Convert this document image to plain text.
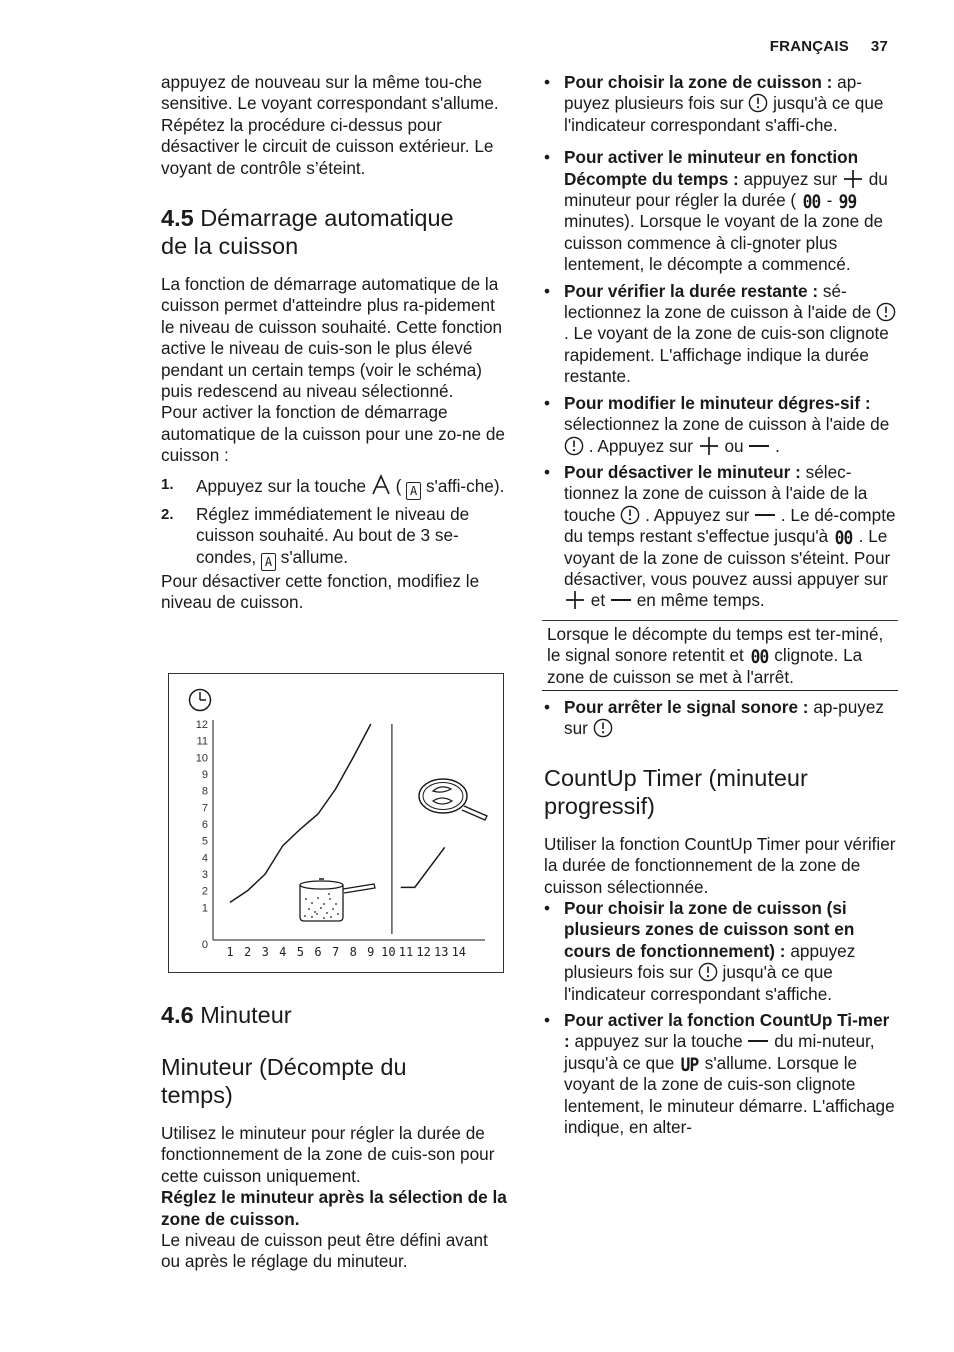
FRANÇAIS 37

appuyez de nouveau sur la même tou-che sensitive. Le voyant correspondant s'allume.

Répétez la procédure ci-dessus pour désactiver le circuit de cuisson extérieur. Le voyant de contrôle s’éteint.

4.5 Démarrage automatique
de la cuisson

La fonction de démarrage automatique de la cuisson permet d'atteindre plus ra-pidement le niveau de cuisson souhaité. Cette fonction active le niveau de cuis-son le plus élevé pendant un certain temps (voir le schéma) puis redescend au niveau sélectionné.

Pour activer la fonction de démarrage automatique de la cuisson pour une zo-ne de cuisson :

1. Appuyez sur la touche ( A s'affi-che).
2. Réglez immédiatement le niveau de cuisson souhaité. Au bout de 3 se-condes, A s'allume.

Pour désactiver cette fonction, modifiez le niveau de cuisson.

0
1
2
3
4
5
6
7
8
9
10
11
12
1 2 3 4 5 6 7 8 9 10 11 12 13 14
4.6 Minuteur
Minuteur (Décompte du
temps)

Utilisez le minuteur pour régler la durée de fonctionnement de la zone de cuis-son pour cette cuisson uniquement.

Réglez le minuteur après la sélection de la zone de cuisson.

Le niveau de cuisson peut être défini avant ou après le réglage du minuteur.

• Pour choisir la zone de cuisson : ap-puyez plusieurs fois sur jusqu'à ce que l'indicateur correspondant s'affi-che.
• Pour activer le minuteur en fonction Décompte du temps : appuyez sur du minuteur pour régler la durée ( 00 - 99 minutes). Lorsque le voyant de la zone de cuisson commence à cli-gnoter plus lentement, le décompte a commencé.
• Pour vérifier la durée restante : sé-lectionnez la zone de cuisson à l'aide de  . Le voyant de la zone de cuis-son clignote rapidement. L'affichage indique la durée restante.
• Pour modifier le minuteur dégres-sif : sélectionnez la zone de cuisson à l'aide de  . Appuyez sur ou .
• Pour désactiver le minuteur : sélec-tionnez la zone de cuisson à l'aide de la touche . Appuyez sur . Le dé-compte du temps restant s'effectue jusqu'à 00 . Le voyant de la zone de cuisson s'éteint. Pour désactiver, vous pouvez aussi appuyer sur  et en même temps.
Lorsque le décompte du temps est ter-miné, le signal sonore retentit et 00 clignote. La zone de cuisson se met à l'arrêt.
• Pour arrêter le signal sonore : ap-puyez sur
CountUp Timer (minuteur
progressif)

Utiliser la fonction CountUp Timer pour vérifier la durée de fonctionnement de la zone de cuisson sélectionnée.

• Pour choisir la zone de cuisson (si plusieurs zones de cuisson sont en cours de fonctionnement) : appuyez plusieurs fois sur jusqu'à ce que l'indicateur correspondant s'affiche.
• Pour activer la fonction CountUp Ti-mer : appuyez sur la touche du mi-nuteur, jusqu'à ce que UP s'allume. Lorsque le voyant de la zone de cuis-son clignote lentement, le minuteur démarre. L'affichage indique, en alter-
